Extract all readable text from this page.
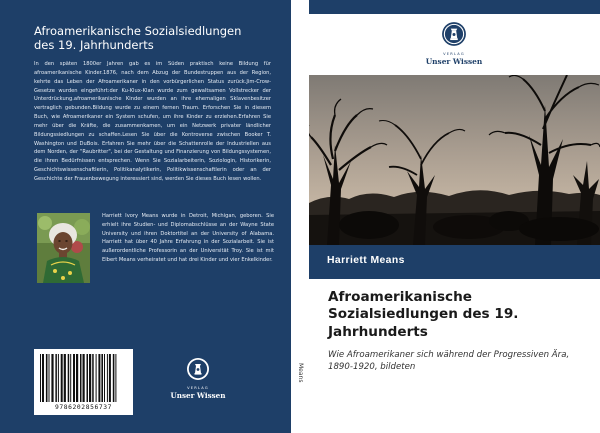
Afroamerikanische Sozialsiedlungen
des 19. Jahrhunderts
In den späten 1800er Jahren gab es im Süden praktisch keine Bildung für afroamerikanische Kinder.1876, nach dem Abzug der Bundestruppen aus der Region, kehrte das Leben der Afroamerikaner in den vorbürgerlichen Status zurück.Jim-Crow-Gesetze wurden eingeführt:der Ku-Klux-Klan wurde zum gewaltsamen Vollstrecker der Unterdrückung.afroamerikanische Kinder wurden an ihre ehemaligen Sklavenbesitzer vertraglich gebunden.Bildung wurde zu einem fernen Traum. Erforschen Sie in diesem Buch, wie Afroamerikaner ein System schufen, um ihre Kinder zu erziehen.Erfahren Sie mehr über die Kräfte, die zusammenkamen, um ein Netzwerk privater ländlicher Bildungssiedlungen zu schaffen.Lesen Sie über die Kontroverse zwischen Booker T. Washington und DuBois. Erfahren Sie mehr über die Schattenrolle der Industriellen aus dem Norden, der "Raubritter", bei der Gestaltung und Finanzierung von Bildungssystemen, die ihren Bedürfnissen entsprechen. Wenn Sie Sozialarbeiterin, Soziologin, Historikerin, Geschichtswissenschaftlerin, Politikanalytikerin, Politikwissenschaftlerin oder an der Geschichte der Frauenbewegung interessiert sind, werden Sie dieses Buch lesen wollen.
Harriett Ivory Means wurde in Detroit, Michigan, geboren. Sie erhielt ihre Studien- und Diplomabschlüsse an der Wayne State University und ihren Doktortitel an der University of Alabama. Harriett hat über 40 Jahre Erfahrung in der Sozialarbeit. Sie ist außerordentliche Professorin an der Universität Troy. Sie ist mit Elbert Means verheiratet und hat drei Kinder und vier Enkelkinder.
9786202856737
VERLAG
Unser Wissen
Means
VERLAG
Unser Wissen
Harriett Means
Afroamerikanische
Sozialsiedlungen des 19.
Jahrhunderts
Wie Afroamerikaner sich während der Progressiven Ära,
1890-1920, bildeten
